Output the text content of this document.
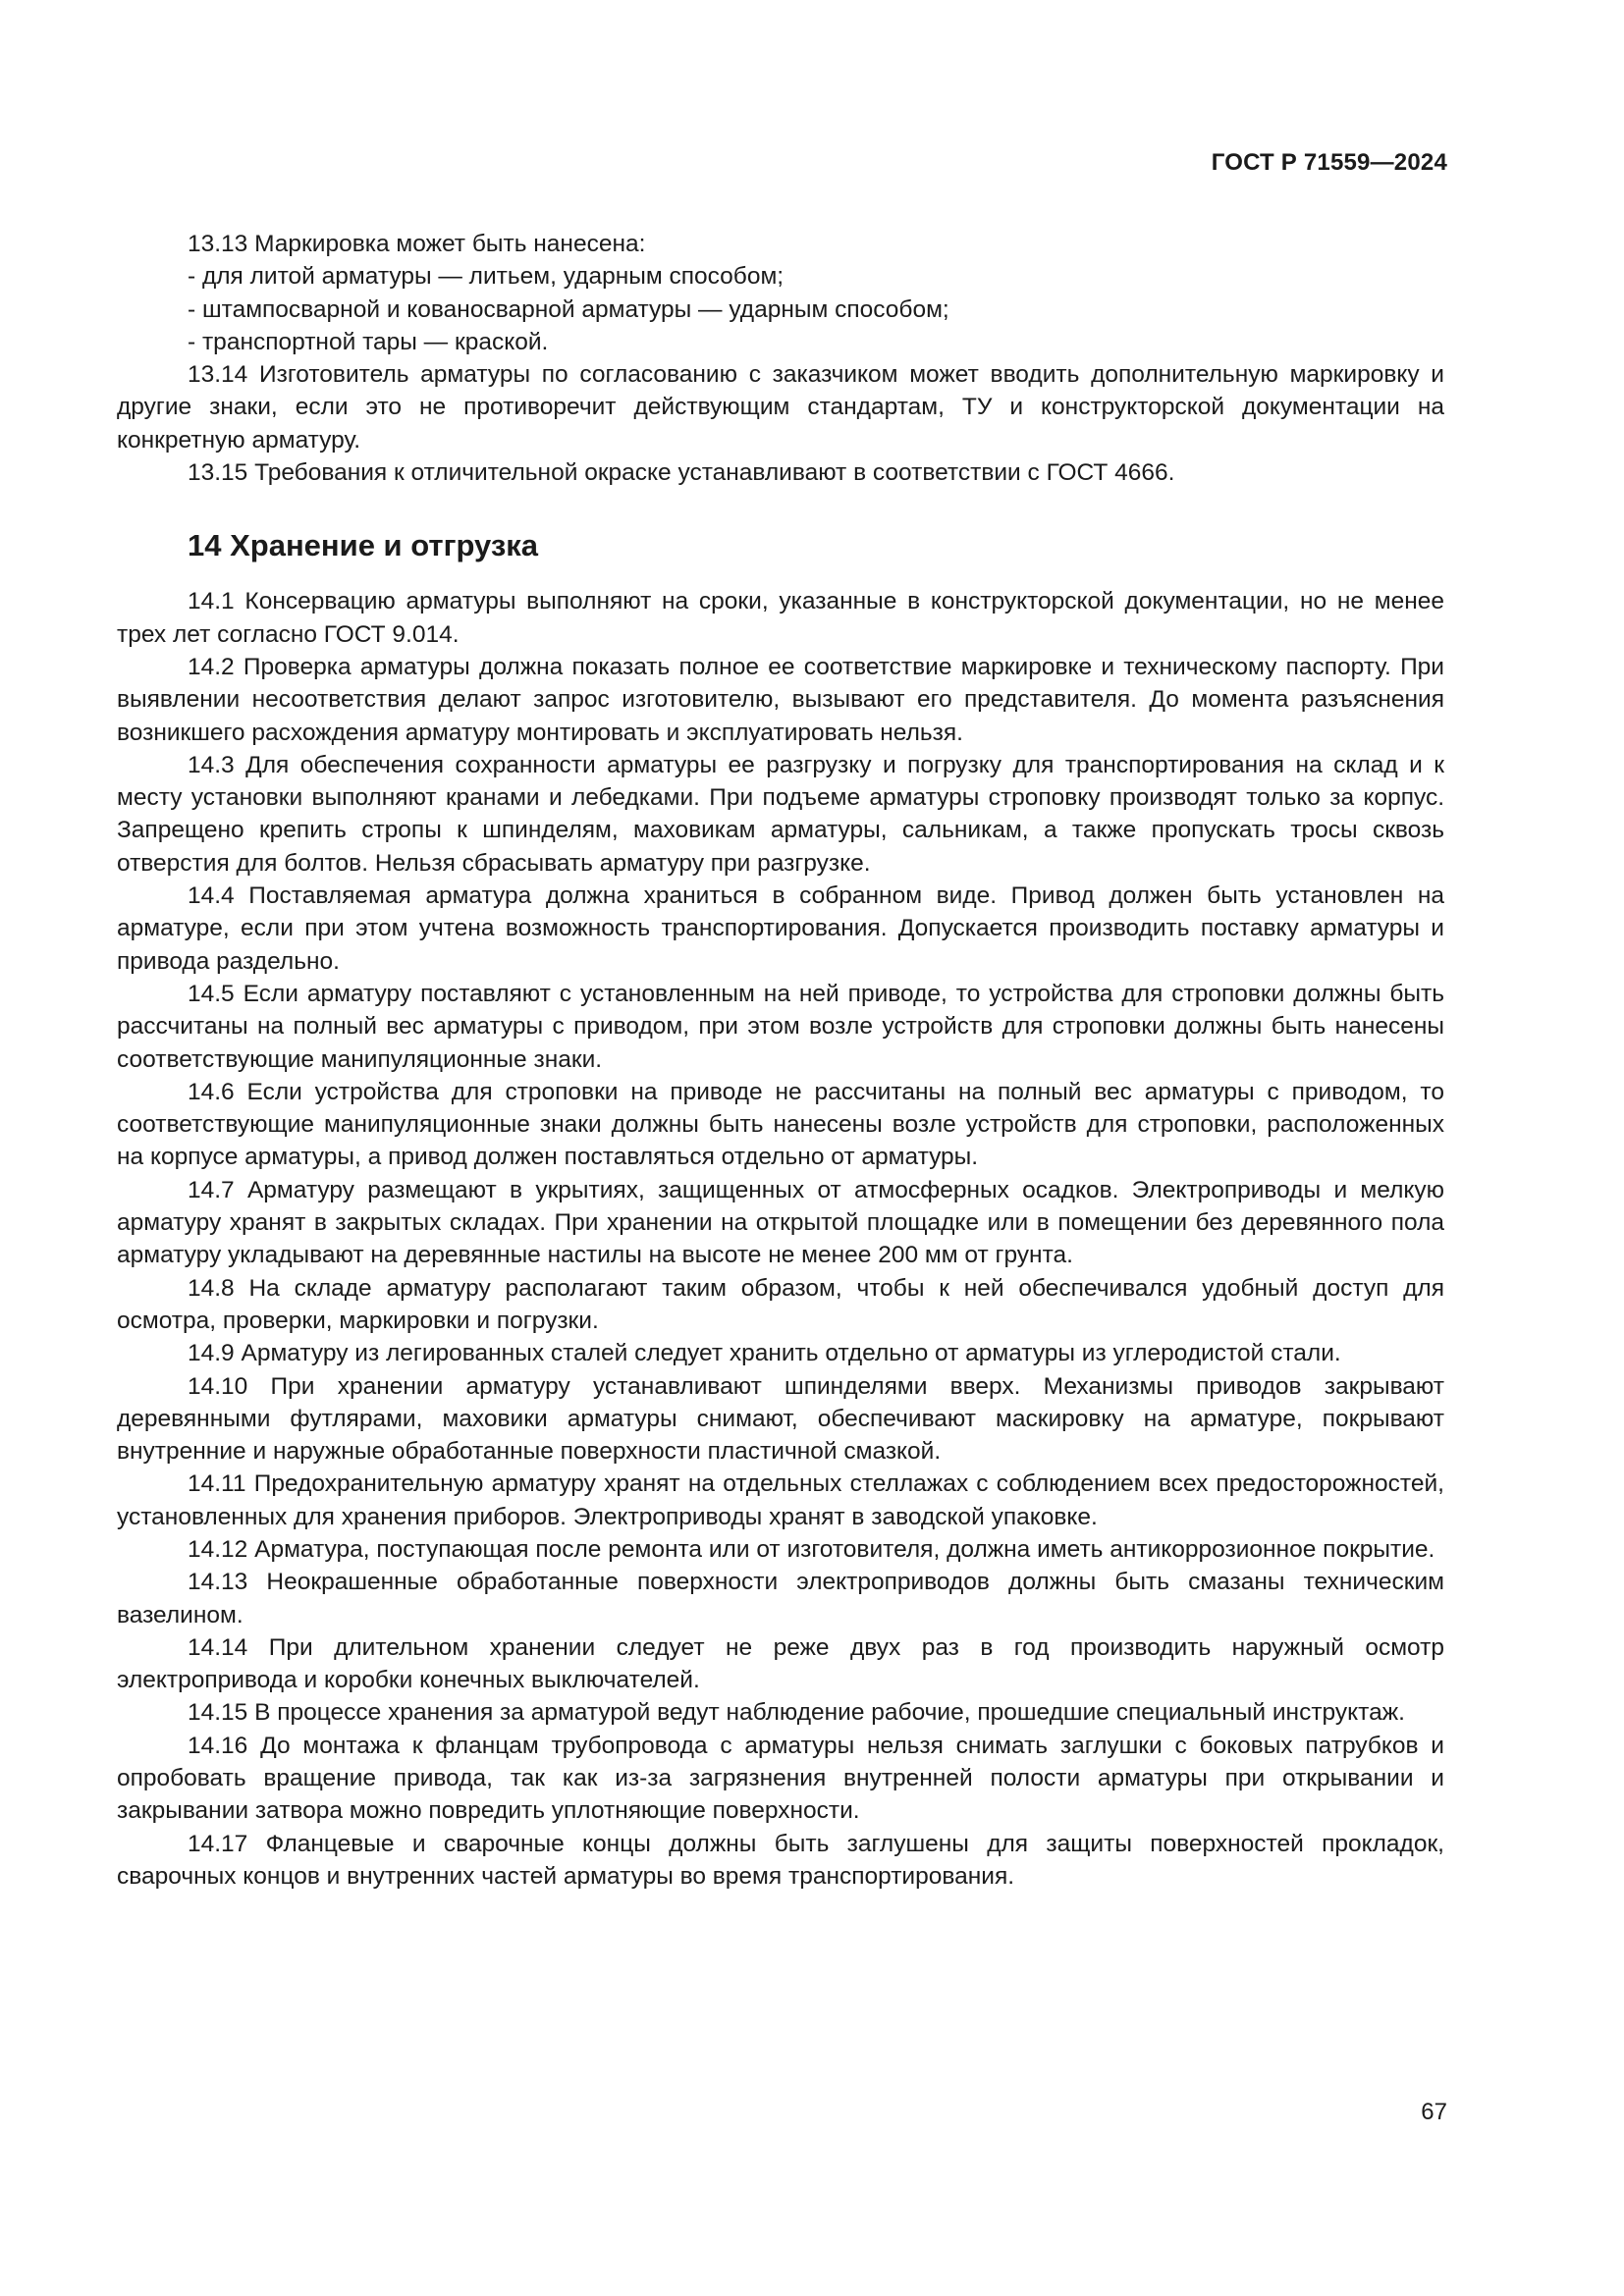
ГОСТ Р 71559—2024

13.13 Маркировка может быть нанесена:

- для литой арматуры — литьем, ударным способом;

- штампосварной и кованосварной арматуры — ударным способом;

- транспортной тары — краской.

13.14 Изготовитель арматуры по согласованию с заказчиком может вводить дополнительную маркировку и другие знаки, если это не противоречит действующим стандартам, ТУ и конструкторской документации на конкретную арматуру.

13.15 Требования к отличительной окраске устанавливают в соответствии с ГОСТ 4666.

14 Хранение и отгрузка

14.1 Консервацию арматуры выполняют на сроки, указанные в конструкторской документации, но не менее трех лет согласно ГОСТ 9.014.

14.2 Проверка арматуры должна показать полное ее соответствие маркировке и техническому паспорту. При выявлении несоответствия делают запрос изготовителю, вызывают его представителя. До момента разъяснения возникшего расхождения арматуру монтировать и эксплуатировать нельзя.

14.3 Для обеспечения сохранности арматуры ее разгрузку и погрузку для транспортирования на склад и к месту установки выполняют кранами и лебедками. При подъеме арматуры строповку производят только за корпус. Запрещено крепить стропы к шпинделям, маховикам арматуры, сальникам, а также пропускать тросы сквозь отверстия для болтов. Нельзя сбрасывать арматуру при разгрузке.

14.4 Поставляемая арматура должна храниться в собранном виде. Привод должен быть установлен на арматуре, если при этом учтена возможность транспортирования. Допускается производить поставку арматуры и привода раздельно.

14.5 Если арматуру поставляют с установленным на ней приводе, то устройства для строповки должны быть рассчитаны на полный вес арматуры с приводом, при этом возле устройств для строповки должны быть нанесены соответствующие манипуляционные знаки.

14.6 Если устройства для строповки на приводе не рассчитаны на полный вес арматуры с приводом, то соответствующие манипуляционные знаки должны быть нанесены возле устройств для строповки, расположенных на корпусе арматуры, а привод должен поставляться отдельно от арматуры.

14.7 Арматуру размещают в укрытиях, защищенных от атмосферных осадков. Электроприводы и мелкую арматуру хранят в закрытых складах. При хранении на открытой площадке или в помещении без деревянного пола арматуру укладывают на деревянные настилы на высоте не менее 200 мм от грунта.

14.8 На складе арматуру располагают таким образом, чтобы к ней обеспечивался удобный доступ для осмотра, проверки, маркировки и погрузки.

14.9 Арматуру из легированных сталей следует хранить отдельно от арматуры из углеродистой стали.

14.10 При хранении арматуру устанавливают шпинделями вверх. Механизмы приводов закрывают деревянными футлярами, маховики арматуры снимают, обеспечивают маскировку на арматуре, покрывают внутренние и наружные обработанные поверхности пластичной смазкой.

14.11 Предохранительную арматуру хранят на отдельных стеллажах с соблюдением всех предосторожностей, установленных для хранения приборов. Электроприводы хранят в заводской упаковке.

14.12 Арматура, поступающая после ремонта или от изготовителя, должна иметь антикоррозионное покрытие.

14.13 Неокрашенные обработанные поверхности электроприводов должны быть смазаны техническим вазелином.

14.14 При длительном хранении следует не реже двух раз в год производить наружный осмотр электропривода и коробки конечных выключателей.

14.15 В процессе хранения за арматурой ведут наблюдение рабочие, прошедшие специальный инструктаж.

14.16 До монтажа к фланцам трубопровода с арматуры нельзя снимать заглушки с боковых патрубков и опробовать вращение привода, так как из-за загрязнения внутренней полости арматуры при открывании и закрывании затвора можно повредить уплотняющие поверхности.

14.17 Фланцевые и сварочные концы должны быть заглушены для защиты поверхностей прокладок, сварочных концов и внутренних частей арматуры во время транспортирования.

67
